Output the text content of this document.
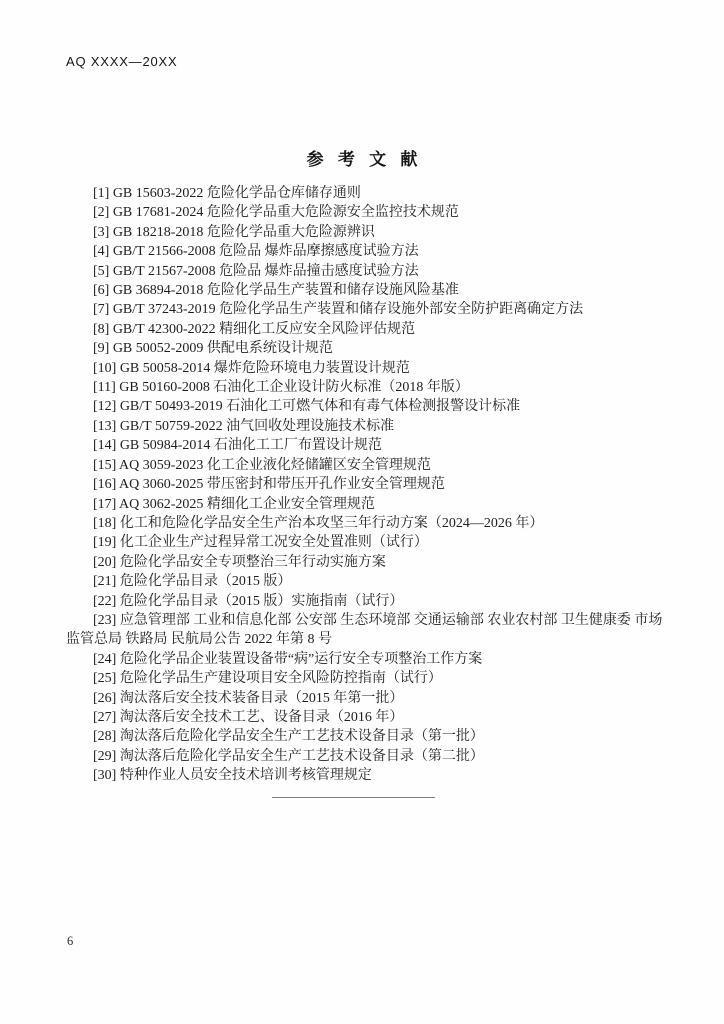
AQ XXXX—20XX
参 考 文 献

[1] GB 15603-2022 危险化学品仓库储存通则

[2] GB 17681-2024 危险化学品重大危险源安全监控技术规范

[3] GB 18218-2018 危险化学品重大危险源辨识

[4] GB/T 21566-2008 危险品 爆炸品摩擦感度试验方法

[5] GB/T 21567-2008 危险品 爆炸品撞击感度试验方法

[6] GB 36894-2018 危险化学品生产装置和储存设施风险基准

[7] GB/T 37243-2019 危险化学品生产装置和储存设施外部安全防护距离确定方法

[8] GB/T 42300-2022 精细化工反应安全风险评估规范

[9] GB 50052-2009 供配电系统设计规范

[10] GB 50058-2014 爆炸危险环境电力装置设计规范

[11] GB 50160-2008 石油化工企业设计防火标准（2018 年版）

[12] GB/T 50493-2019 石油化工可燃气体和有毒气体检测报警设计标准

[13] GB/T 50759-2022 油气回收处理设施技术标准

[14] GB 50984-2014 石油化工工厂布置设计规范

[15] AQ 3059-2023 化工企业液化烃储罐区安全管理规范

[16] AQ 3060-2025 带压密封和带压开孔作业安全管理规范

[17] AQ 3062-2025 精细化工企业安全管理规范

[18] 化工和危险化学品安全生产治本攻坚三年行动方案（2024—2026 年）

[19] 化工企业生产过程异常工况安全处置准则（试行）

[20] 危险化学品安全专项整治三年行动实施方案

[21] 危险化学品目录（2015 版）

[22] 危险化学品目录（2015 版）实施指南（试行）

[23] 应急管理部 工业和信息化部 公安部 生态环境部 交通运输部 农业农村部 卫生健康委 市场监管总局 铁路局 民航局公告 2022 年第 8 号

[24] 危险化学品企业装置设备带“病”运行安全专项整治工作方案

[25] 危险化学品生产建设项目安全风险防控指南（试行）

[26] 淘汰落后安全技术装备目录（2015 年第一批）

[27] 淘汰落后安全技术工艺、设备目录（2016 年）

[28] 淘汰落后危险化学品安全生产工艺技术设备目录（第一批）

[29] 淘汰落后危险化学品安全生产工艺技术设备目录（第二批）

[30] 特种作业人员安全技术培训考核管理规定

6
